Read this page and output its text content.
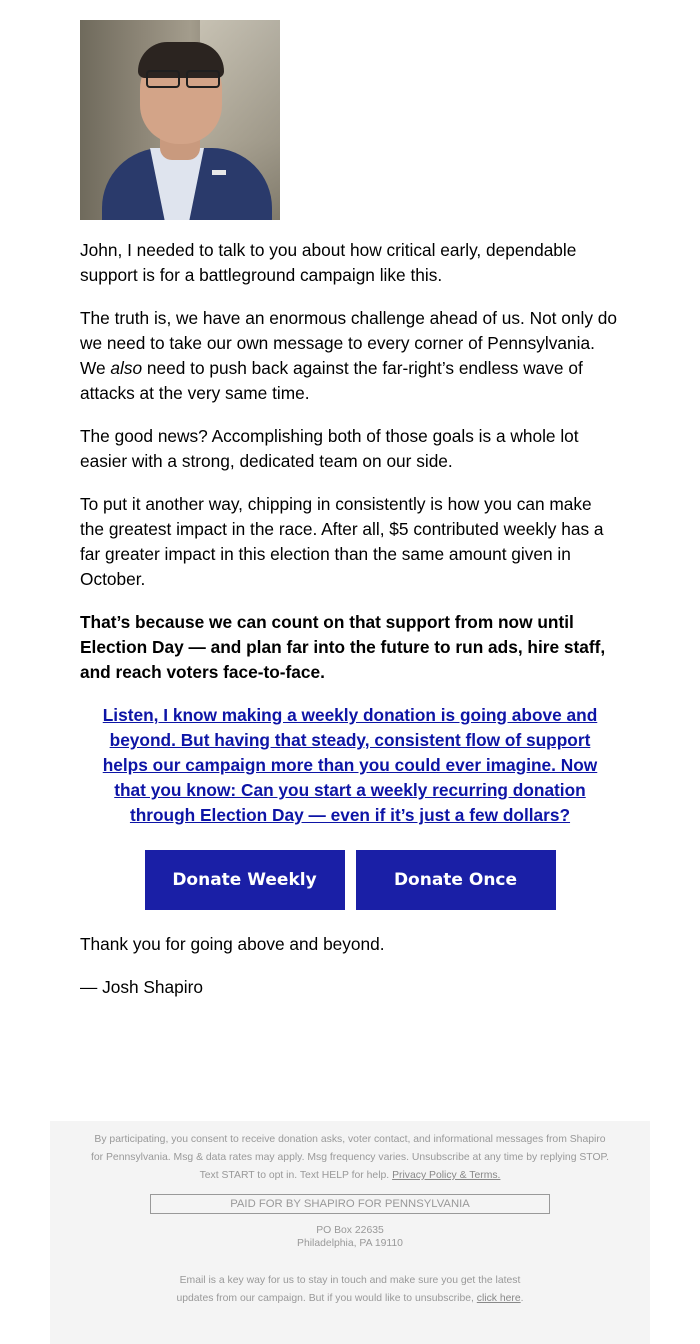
John, I needed to talk to you about how critical early, dependable support is for a battleground campaign like this.

The truth is, we have an enormous challenge ahead of us. Not only do we need to take our own message to every corner of Pennsylvania. We also need to push back against the far-right’s endless wave of attacks at the very same time.

The good news? Accomplishing both of those goals is a whole lot easier with a strong, dedicated team on our side.

To put it another way, chipping in consistently is how you can make the greatest impact in the race. After all, $5 contributed weekly has a far greater impact in this election than the same amount given in October.

That’s because we can count on that support from now until Election Day — and plan far into the future to run ads, hire staff, and reach voters face-to-face.

Listen, I know making a weekly donation is going above and beyond. But having that steady, consistent flow of support helps our campaign more than you could ever imagine. Now that you know: Can you start a weekly recurring donation through Election Day — even if it’s just a few dollars?
Donate Weekly	Donate Once

Thank you for going above and beyond.

— Josh Shapiro

By participating, you consent to receive donation asks, voter contact, and informational messages from Shapiro for Pennsylvania. Msg & data rates may apply. Msg frequency varies. Unsubscribe at any time by replying STOP. Text START to opt in. Text HELP for help. Privacy Policy & Terms.
PAID FOR BY SHAPIRO FOR PENNSYLVANIA
PO Box 22635
Philadelphia, PA 19110
Email is a key way for us to stay in touch and make sure you get the latest updates from our campaign. But if you would like to unsubscribe, click here.
